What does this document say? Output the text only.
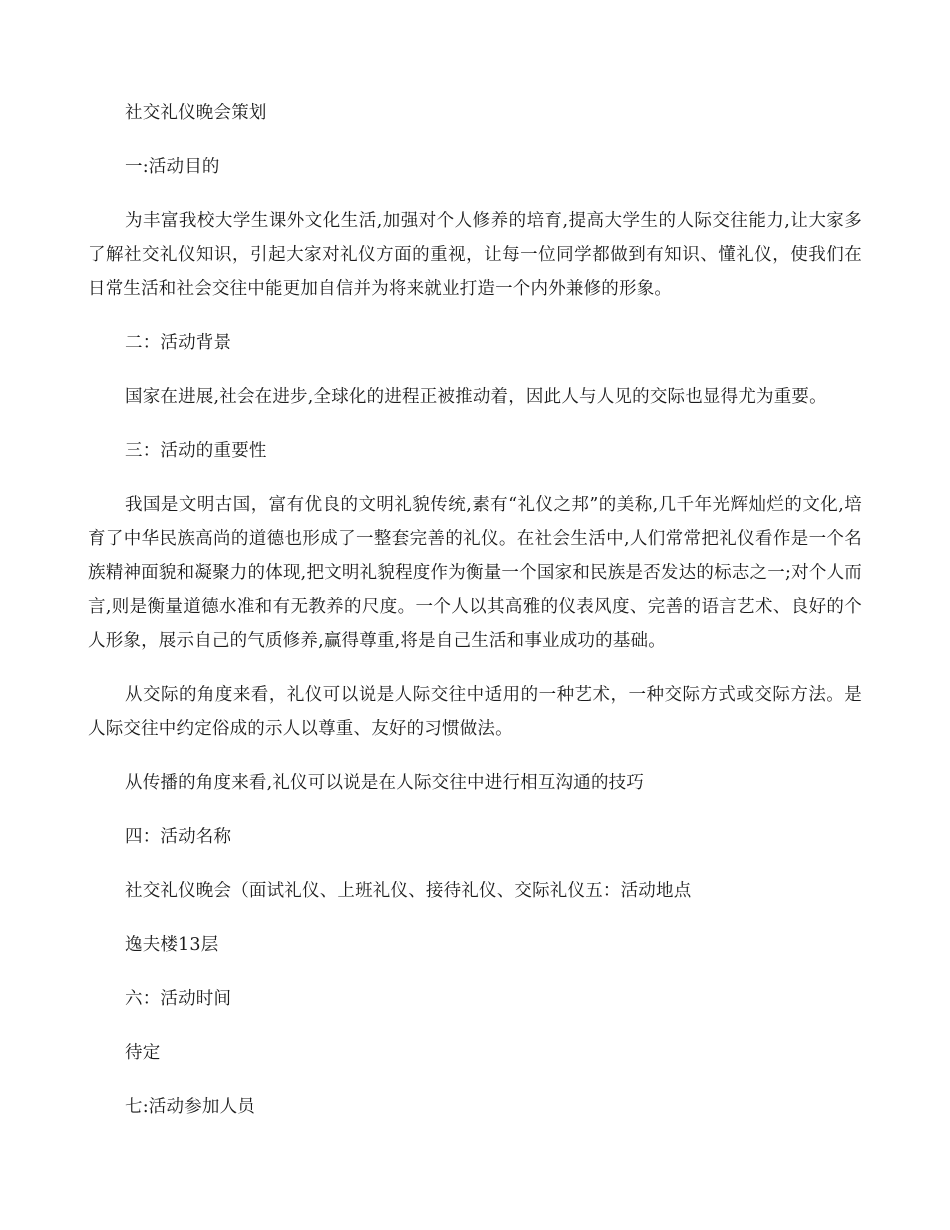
社交礼仪晚会策划

一:活动目的

为丰富我校大学生课外文化生活,加强对个人修养的培育,提高大学生的人际交往能力,让大家多了解社交礼仪知识，引起大家对礼仪方面的重视，让每一位同学都做到有知识、懂礼仪，使我们在日常生活和社会交往中能更加自信并为将来就业打造一个内外兼修的形象。

二：活动背景

国家在进展,社会在进步,全球化的进程正被推动着，因此人与人见的交际也显得尤为重要。

三：活动的重要性

我国是文明古国，富有优良的文明礼貌传统,素有“礼仪之邦”的美称,几千年光辉灿烂的文化,培育了中华民族高尚的道德也形成了一整套完善的礼仪。在社会生活中,人们常常把礼仪看作是一个名族精神面貌和凝聚力的体现,把文明礼貌程度作为衡量一个国家和民族是否发达的标志之一;对个人而言,则是衡量道德水准和有无教养的尺度。一个人以其高雅的仪表风度、完善的语言艺术、良好的个人形象，展示自己的气质修养,赢得尊重,将是自己生活和事业成功的基础。

从交际的角度来看，礼仪可以说是人际交往中适用的一种艺术，一种交际方式或交际方法。是人际交往中约定俗成的示人以尊重、友好的习惯做法。

从传播的角度来看,礼仪可以说是在人际交往中进行相互沟通的技巧

四：活动名称

社交礼仪晚会（面试礼仪、上班礼仪、接待礼仪、交际礼仪五：活动地点

逸夫楼13层

六：活动时间

待定

七:活动参加人员
